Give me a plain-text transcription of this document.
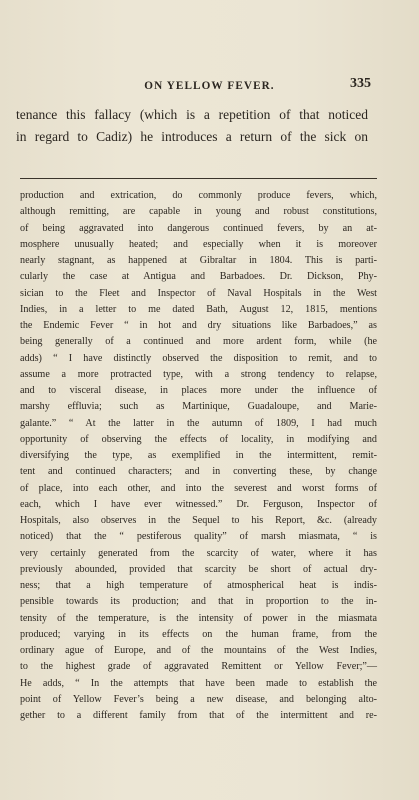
ON YELLOW FEVER.	335

tenance this fallacy (which is a repetition of that noticed

in regard to Cadiz) he introduces a return of the sick on

production and extrication, do commonly produce fevers, which,
although remitting, are capable in young and robust constitutions,
of being aggravated into dangerous continued fevers, by an at-
mosphere unusually heated; and especially when it is moreover
nearly stagnant, as happened at Gibraltar in 1804. This is parti-
cularly the case at Antigua and Barbadoes. Dr. Dickson, Phy-
sician to the Fleet and Inspector of Naval Hospitals in the West
Indies, in a letter to me dated Bath, August 12, 1815, mentions
the Endemic Fever “ in hot and dry situations like Barbadoes,” as
being generally of a continued and more ardent form, while (he
adds) “ I have distinctly observed the disposition to remit, and to
assume a more protracted type, with a strong tendency to relapse,
and to visceral disease, in places more under the influence of
marshy effluvia; such as Martinique, Guadaloupe, and Marie-
galante.” “ At the latter in the autumn of 1809, I had much
opportunity of observing the effects of locality, in modifying and
diversifying the type, as exemplified in the intermittent, remit-
tent and continued characters; and in converting these, by change
of place, into each other, and into the severest and worst forms of
each, which I have ever witnessed.” Dr. Ferguson, Inspector of
Hospitals, also observes in the Sequel to his Report, &c. (already
noticed) that the “ pestiferous quality” of marsh miasmata, “ is
very certainly generated from the scarcity of water, where it has
previously abounded, provided that scarcity be short of actual dry-
ness; that a high temperature of atmospherical heat is indis-
pensible towards its production; and that in proportion to the in-
tensity of the temperature, is the intensity of power in the miasmata
produced; varying in its effects on the human frame, from the
ordinary ague of Europe, and of the mountains of the West Indies,
to the highest grade of aggravated Remittent or Yellow Fever;”—
He adds, “ In the attempts that have been made to establish the
point of Yellow Fever’s being a new disease, and belonging alto-
gether to a different family from that of the intermittent and re-
